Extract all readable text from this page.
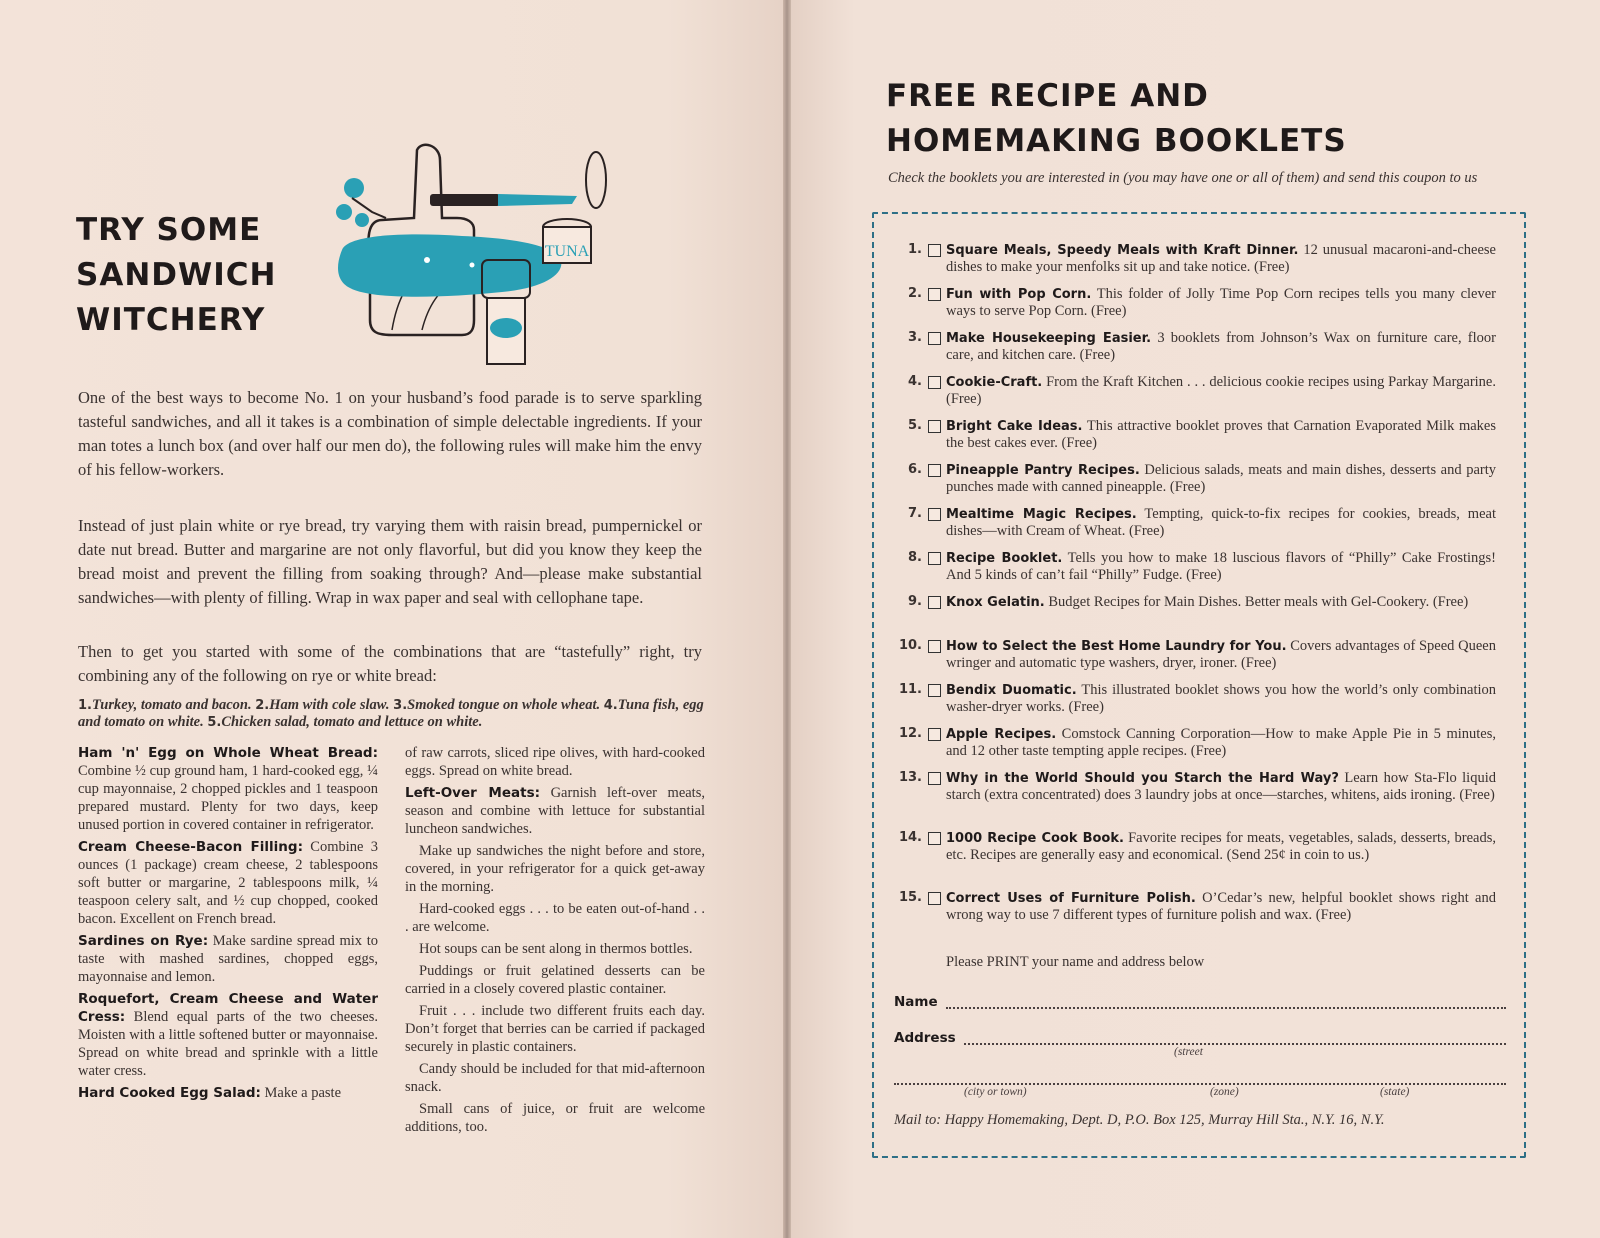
TRY SOME SANDWICH WITCHERY
TUNA
One of the best ways to become No. 1 on your husband’s food parade is to serve sparkling tasteful sandwiches, and all it takes is a combination of simple delectable ingredients. If your man totes a lunch box (and over half our men do), the following rules will make him the envy of his fellow-workers.
Instead of just plain white or rye bread, try varying them with raisin bread, pumpernickel or date nut bread. Butter and margarine are not only flavorful, but did you know they keep the bread moist and prevent the filling from soaking through? And—please make substantial sandwiches—with plenty of filling. Wrap in wax paper and seal with cellophane tape.
Then to get you started with some of the combinations that are “tastefully” right, try combining any of the following on rye or white bread:
1.Turkey, tomato and bacon. 2.Ham with cole slaw. 3.Smoked tongue on whole wheat. 4.Tuna fish, egg and tomato on white. 5.Chicken salad, tomato and lettuce on white.

Ham 'n' Egg on Whole Wheat Bread: Combine ½ cup ground ham, 1 hard-cooked egg, ¼ cup mayonnaise, 2 chopped pickles and 1 teaspoon prepared mustard. Plenty for two days, keep unused portion in covered container in refrigerator.

Cream Cheese-Bacon Filling: Combine 3 ounces (1 package) cream cheese, 2 tablespoons soft butter or margarine, 2 tablespoons milk, ¼ teaspoon celery salt, and ½ cup chopped, cooked bacon. Excellent on French bread.

Sardines on Rye: Make sardine spread mix to taste with mashed sardines, chopped eggs, mayonnaise and lemon.

Roquefort, Cream Cheese and Water Cress: Blend equal parts of the two cheeses. Moisten with a little softened butter or mayonnaise. Spread on white bread and sprinkle with a little water cress.

Hard Cooked Egg Salad: Make a paste

of raw carrots, sliced ripe olives, with hard-cooked eggs. Spread on white bread.

Left-Over Meats: Garnish left-over meats, season and combine with lettuce for substantial luncheon sandwiches.

Make up sandwiches the night before and store, covered, in your refrigerator for a quick get-away in the morning.

Hard-cooked eggs . . . to be eaten out-of-hand . . . are welcome.

Hot soups can be sent along in thermos bottles.

Puddings or fruit gelatined desserts can be carried in a closely covered plastic container.

Fruit . . . include two different fruits each day. Don’t forget that berries can be carried if packaged securely in plastic containers.

Candy should be included for that mid-afternoon snack.

Small cans of juice, or fruit are welcome additions, too.

FREE RECIPE AND
HOMEMAKING BOOKLETS
Check the booklets you are interested in (you may have one or all of them) and send this coupon to us
1. Square Meals, Speedy Meals with Kraft Dinner. 12 unusual macaroni-and-cheese dishes to make your menfolks sit up and take notice. (Free)
2. Fun with Pop Corn. This folder of Jolly Time Pop Corn recipes tells you many clever ways to serve Pop Corn. (Free)
3. Make Housekeeping Easier. 3 booklets from Johnson’s Wax on furniture care, floor care, and kitchen care. (Free)
4. Cookie-Craft. From the Kraft Kitchen . . . delicious cookie recipes using Parkay Margarine. (Free)
5. Bright Cake Ideas. This attractive booklet proves that Carnation Evaporated Milk makes the best cakes ever. (Free)
6. Pineapple Pantry Recipes. Delicious salads, meats and main dishes, desserts and party punches made with canned pineapple. (Free)
7. Mealtime Magic Recipes. Tempting, quick-to-fix recipes for cookies, breads, meat dishes—with Cream of Wheat. (Free)
8. Recipe Booklet. Tells you how to make 18 luscious flavors of “Philly” Cake Frostings! And 5 kinds of can’t fail “Philly” Fudge. (Free)
9. Knox Gelatin. Budget Recipes for Main Dishes. Better meals with Gel-Cookery. (Free)
10. How to Select the Best Home Laundry for You. Covers advantages of Speed Queen wringer and automatic type washers, dryer, ironer. (Free)
11. Bendix Duomatic. This illustrated booklet shows you how the world’s only combination washer-dryer works. (Free)
12. Apple Recipes. Comstock Canning Corporation—How to make Apple Pie in 5 minutes, and 12 other taste tempting apple recipes. (Free)
13. Why in the World Should you Starch the Hard Way? Learn how Sta-Flo liquid starch (extra concentrated) does 3 laundry jobs at once—starches, whitens, aids ironing. (Free)
14. 1000 Recipe Cook Book. Favorite recipes for meats, vegetables, salads, desserts, breads, etc. Recipes are generally easy and economical. (Send 25¢ in coin to us.)
15. Correct Uses of Furniture Polish. O’Cedar’s new, helpful booklet shows right and wrong way to use 7 different types of furniture polish and wax. (Free)
Please PRINT your name and address below
Name
Address
(street
(city or town)	(zone)	(state)
Mail to: Happy Homemaking, Dept. D, P.O. Box 125, Murray Hill Sta., N.Y. 16, N.Y.
